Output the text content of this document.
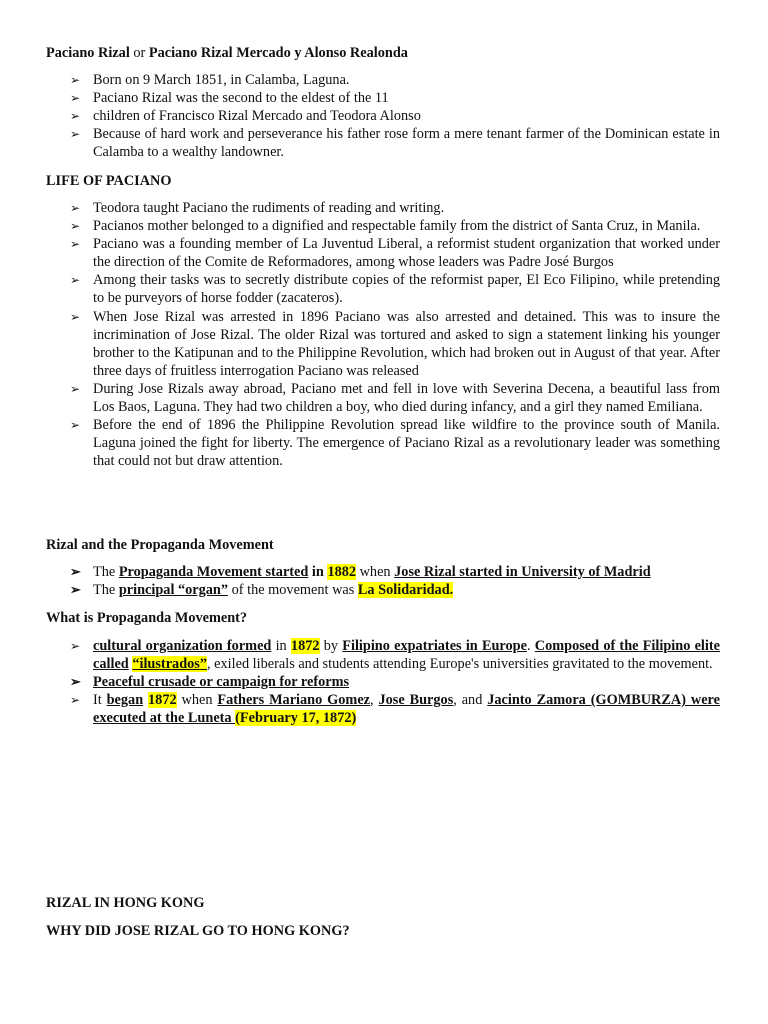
Paciano Rizal or Paciano Rizal Mercado y Alonso Realonda
➢ Born on 9 March 1851, in Calamba, Laguna.
➢ Paciano Rizal was the second to the eldest of the 11
➢ children of Francisco Rizal Mercado and Teodora Alonso
➢ Because of hard work and perseverance his father rose form a mere tenant farmer of the Dominican estate in Calamba to a wealthy landowner.
LIFE OF PACIANO
➢ Teodora taught Paciano the rudiments of reading and writing.
➢ Pacianos mother belonged to a dignified and respectable family from the district of Santa Cruz, in Manila.
➢ Paciano was a founding member of La Juventud Liberal, a reformist student organization that worked under the direction of the Comite de Reformadores, among whose leaders was Padre José Burgos
➢ Among their tasks was to secretly distribute copies of the reformist paper, El Eco Filipino, while pretending to be purveyors of horse fodder (zacateros).
➢ When Jose Rizal was arrested in 1896 Paciano was also arrested and detained. This was to insure the incrimination of Jose Rizal. The older Rizal was tortured and asked to sign a statement linking his younger brother to the Katipunan and to the Philippine Revolution, which had broken out in August of that year. After three days of fruitless interrogation Paciano was released
➢ During Jose Rizals away abroad, Paciano met and fell in love with Severina Decena, a beautiful lass from Los Baos, Laguna. They had two children a boy, who died during infancy, and a girl they named Emiliana.
➢ Before the end of 1896 the Philippine Revolution spread like wildfire to the province south of Manila. Laguna joined the fight for liberty. The emergence of Paciano Rizal as a revolutionary leader was something that could not but draw attention.
Rizal and the Propaganda Movement
➢ The Propaganda Movement started in 1882 when Jose Rizal started in University of Madrid
➢ The principal “organ” of the movement was La Solidaridad.
What is Propaganda Movement?
➢ cultural organization formed in 1872 by Filipino expatriates in Europe. Composed of the Filipino elite called “ilustrados”, exiled liberals and students attending Europe's universities gravitated to the movement.
➢ Peaceful crusade or campaign for reforms
➢ It began 1872 when Fathers Mariano Gomez, Jose Burgos, and Jacinto Zamora (GOMBURZA) were executed at the Luneta (February 17, 1872)
RIZAL IN HONG KONG
WHY DID JOSE RIZAL GO TO HONG KONG?
